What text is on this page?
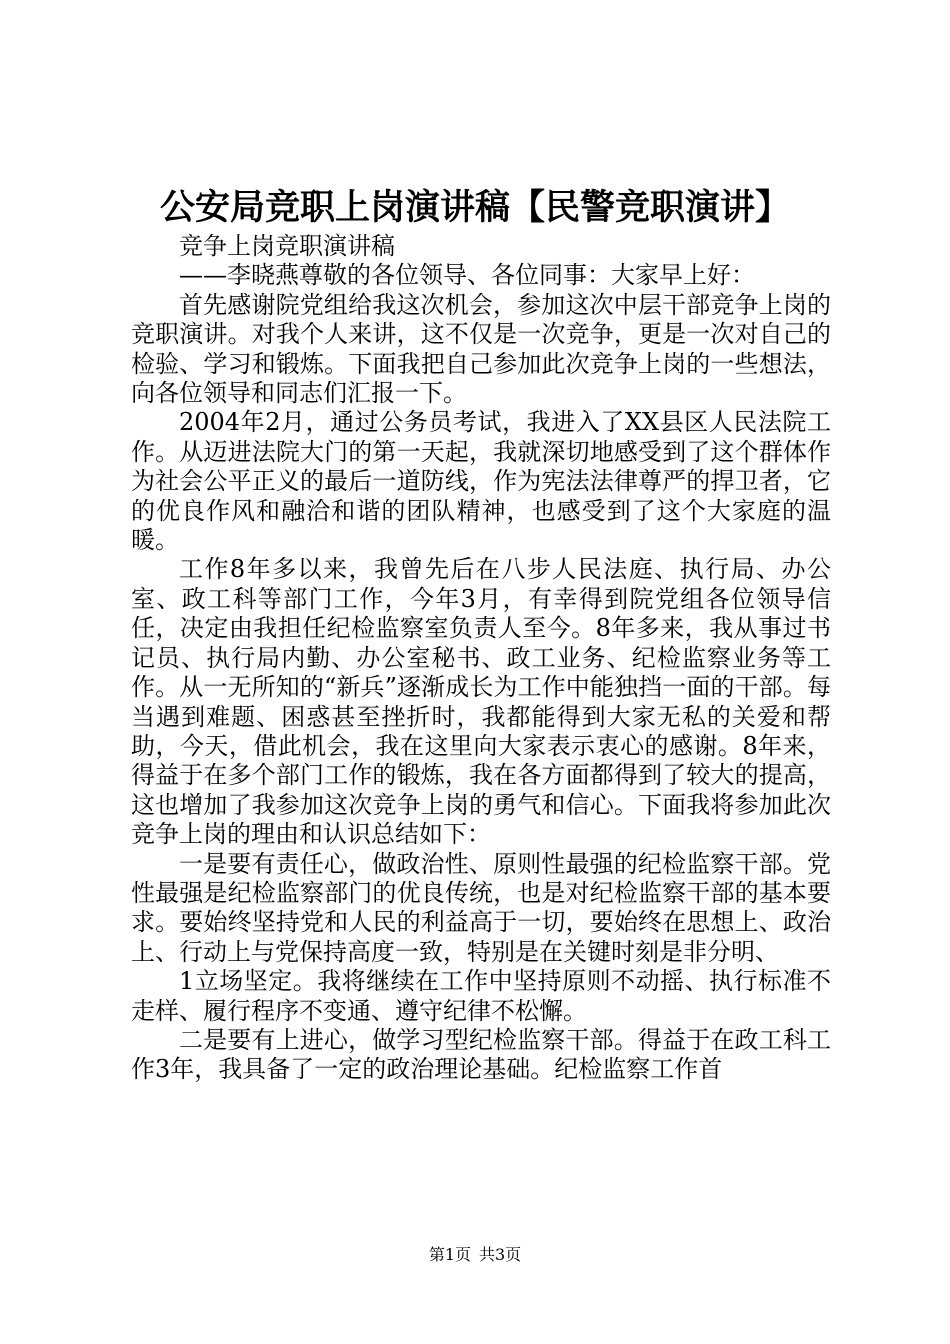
公安局竞职上岗演讲稿【民警竞职演讲】

竞争上岗竞职演讲稿

——李晓燕尊敬的各位领导、各位同事：大家早上好：

首先感谢院党组给我这次机会，参加这次中层干部竞争上岗的竞职演讲。对我个人来讲，这不仅是一次竞争，更是一次对自己的检验、学习和锻炼。下面我把自己参加此次竞争上岗的一些想法，向各位领导和同志们汇报一下。

2004年2月，通过公务员考试，我进入了XX县区人民法院工作。从迈进法院大门的第一天起，我就深切地感受到了这个群体作为社会公平正义的最后一道防线，作为宪法法律尊严的捍卫者，它的优良作风和融洽和谐的团队精神，也感受到了这个大家庭的温暖。

工作8年多以来，我曾先后在八步人民法庭、执行局、办公室、政工科等部门工作，今年3月，有幸得到院党组各位领导信任，决定由我担任纪检监察室负责人至今。8年多来，我从事过书记员、执行局内勤、办公室秘书、政工业务、纪检监察业务等工作。从一无所知的“新兵”逐渐成长为工作中能独挡一面的干部。每当遇到难题、困惑甚至挫折时，我都能得到大家无私的关爱和帮助，今天，借此机会，我在这里向大家表示衷心的感谢。8年来，得益于在多个部门工作的锻炼，我在各方面都得到了较大的提高，这也增加了我参加这次竞争上岗的勇气和信心。下面我将参加此次竞争上岗的理由和认识总结如下：

一是要有责任心，做政治性、原则性最强的纪检监察干部。党性最强是纪检监察部门的优良传统，也是对纪检监察干部的基本要求。要始终坚持党和人民的利益高于一切，要始终在思想上、政治上、行动上与党保持高度一致，特别是在关键时刻是非分明、

1立场坚定。我将继续在工作中坚持原则不动摇、执行标准不走样、履行程序不变通、遵守纪律不松懈。

二是要有上进心，做学习型纪检监察干部。得益于在政工科工作3年，我具备了一定的政治理论基础。纪检监察工作首

第1页 共3页
